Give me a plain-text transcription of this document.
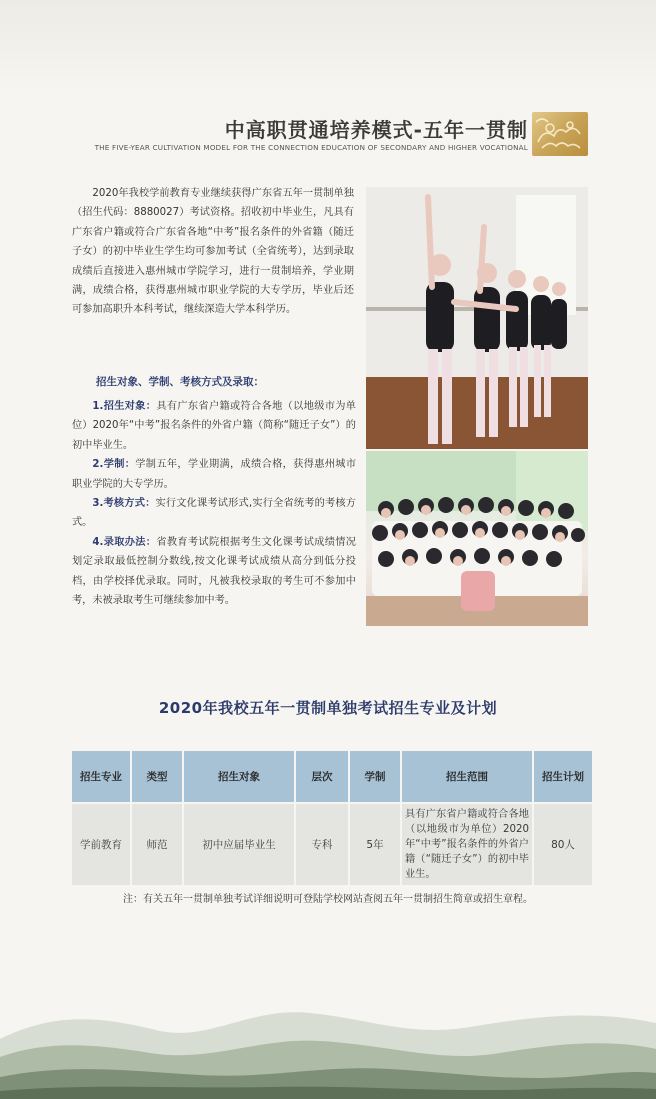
中高职贯通培养模式-五年一贯制
THE FIVE-YEAR CULTIVATION MODEL FOR THE CONNECTION EDUCATION OF SECONDARY AND HIGHER VOCATIONAL

2020年我校学前教育专业继续获得广东省五年一贯制单独（招生代码：8880027）考试资格。招收初中毕业生，凡具有广东省户籍或符合广东省各地“中考”报名条件的外省籍（随迁子女）的初中毕业生学生均可参加考试（全省统考），达到录取成绩后直接进入惠州城市学院学习，进行一贯制培养，学业期满，成绩合格，获得惠州城市职业学院的大专学历，毕业后还可参加高职升本科考试，继续深造大学本科学历。

招生对象、学制、考核方式及录取：

1.招生对象：具有广东省户籍或符合各地（以地级市为单位）2020年“中考”报名条件的外省户籍（简称“随迁子女”）的初中毕业生。

2.学制：学制五年，学业期满，成绩合格，获得惠州城市职业学院的大专学历。

3.考核方式：实行文化课考试形式,实行全省统考的考核方式。

4.录取办法：省教育考试院根据考生文化课考试成绩情况划定录取最低控制分数线,按文化课考试成绩从高分到低分投档，由学校择优录取。同时，凡被我校录取的考生可不参加中考，未被录取考生可继续参加中考。

2020年我校五年一贯制单独考试招生专业及计划
招生专业	类型	招生对象	层次	学制	招生范围	招生计划
学前教育	师范	初中应届毕业生	专科	5年	具有广东省户籍或符合各地（以地级市为单位）2020年“中考”报名条件的外省户籍（“随迁子女”）的初中毕业生。	80人
注：有关五年一贯制单独考试详细说明可登陆学校网站查阅五年一贯制招生简章或招生章程。
